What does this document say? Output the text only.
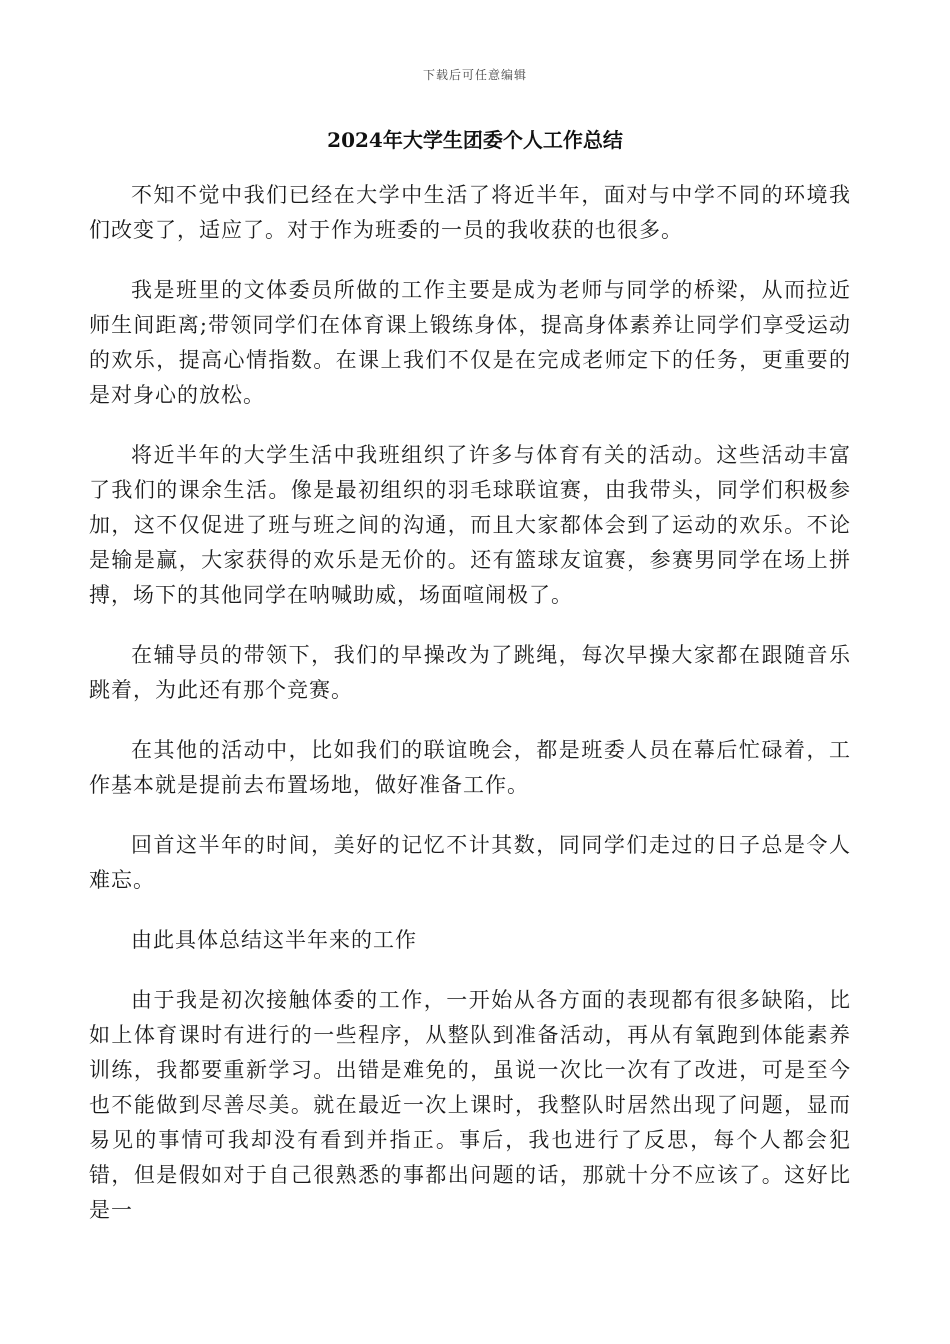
下载后可任意编辑
2024年大学生团委个人工作总结

不知不觉中我们已经在大学中生活了将近半年，面对与中学不同的环境我们改变了，适应了。对于作为班委的一员的我收获的也很多。

我是班里的文体委员所做的工作主要是成为老师与同学的桥梁，从而拉近师生间距离;带领同学们在体育课上锻练身体，提高身体素养让同学们享受运动的欢乐，提高心情指数。在课上我们不仅是在完成老师定下的任务，更重要的是对身心的放松。

将近半年的大学生活中我班组织了许多与体育有关的活动。这些活动丰富了我们的课余生活。像是最初组织的羽毛球联谊赛，由我带头，同学们积极参加，这不仅促进了班与班之间的沟通，而且大家都体会到了运动的欢乐。不论是输是赢，大家获得的欢乐是无价的。还有篮球友谊赛，参赛男同学在场上拼搏，场下的其他同学在呐喊助威，场面喧闹极了。

在辅导员的带领下，我们的早操改为了跳绳，每次早操大家都在跟随音乐跳着，为此还有那个竞赛。

在其他的活动中，比如我们的联谊晚会，都是班委人员在幕后忙碌着，工作基本就是提前去布置场地，做好准备工作。

回首这半年的时间，美好的记忆不计其数，同同学们走过的日子总是令人难忘。

由此具体总结这半年来的工作

由于我是初次接触体委的工作，一开始从各方面的表现都有很多缺陷，比如上体育课时有进行的一些程序，从整队到准备活动，再从有氧跑到体能素养训练，我都要重新学习。出错是难免的，虽说一次比一次有了改进，可是至今也不能做到尽善尽美。就在最近一次上课时，我整队时居然出现了问题，显而易见的事情可我却没有看到并指正。事后，我也进行了反思，每个人都会犯错，但是假如对于自己很熟悉的事都出问题的话，那就十分不应该了。这好比是一
